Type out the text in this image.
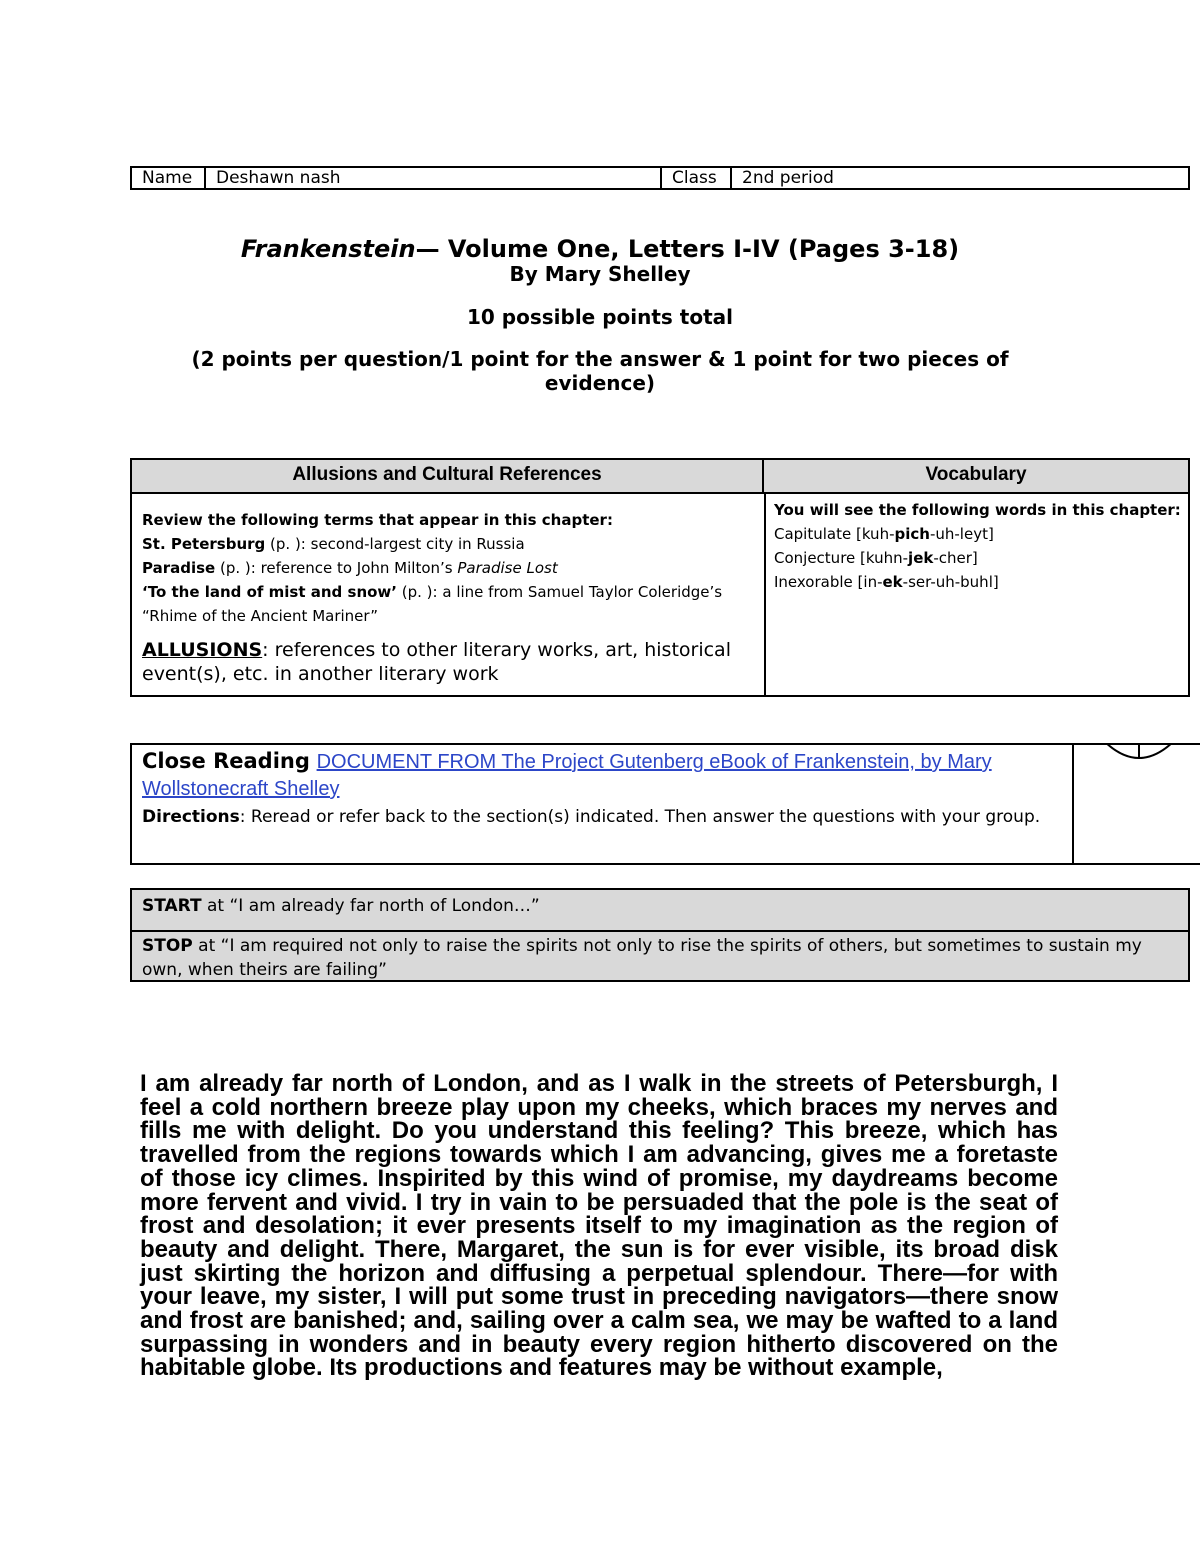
Name	Deshawn nash	Class	2nd period
Frankenstein— Volume One, Letters I-IV (Pages 3-18)
By Mary Shelley
10 possible points total
(2 points per question/1 point for the answer & 1 point for two pieces of evidence)
Allusions and Cultural References	Vocabulary
Review the following terms that appear in this chapter:
St. Petersburg (p. ): second-largest city in Russia
Paradise (p. ): reference to John Milton’s Paradise Lost
‘To the land of mist and snow’ (p. ): a line from Samuel Taylor Coleridge’s “Rhime of the Ancient Mariner”
ALLUSIONS: references to other literary works, art, historical event(s), etc. in another literary work
You will see the following words in this chapter:
Capitulate [kuh-pich-uh-leyt]
Conjecture [kuhn-jek-cher]
Inexorable [in-ek-ser-uh-buhl]
Close Reading DOCUMENT FROM The Project Gutenberg eBook of Frankenstein, by Mary Wollstonecraft Shelley
Directions: Reread or refer back to the section(s) indicated. Then answer the questions with your group.
START at “I am already far north of London…”
STOP at “I am required not only to raise the spirits not only to rise the spirits of others, but sometimes to sustain my own, when theirs are failing”
I am already far north of London, and as I walk in the streets of Petersburgh, I feel a cold northern breeze play upon my cheeks, which braces my nerves and fills me with delight. Do you understand this feeling? This breeze, which has travelled from the regions towards which I am advancing, gives me a foretaste of those icy climes. Inspirited by this wind of promise, my daydreams become more fervent and vivid. I try in vain to be persuaded that the pole is the seat of frost and desolation; it ever presents itself to my imagination as the region of beauty and delight. There, Margaret, the sun is for ever visible, its broad disk just skirting the horizon and diffusing a perpetual splendour. There—for with your leave, my sister, I will put some trust in preceding navigators—there snow and frost are banished; and, sailing over a calm sea, we may be wafted to a land surpassing in wonders and in beauty every region hitherto discovered on the habitable globe. Its productions and features may be without example,
